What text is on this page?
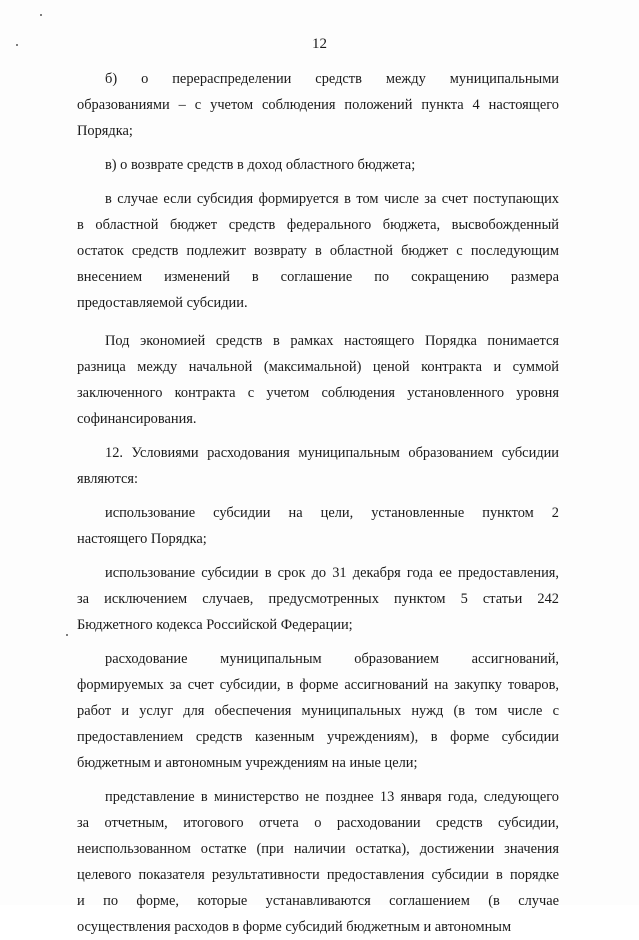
12
б) о перераспределении средств между муниципальными
образованиями – с учетом соблюдения положений пункта 4 настоящего
Порядка;
в) о возврате средств в доход областного бюджета;
в случае если субсидия формируется в том числе за счет поступающих
в областной бюджет средств федерального бюджета, высвобожденный
остаток средств подлежит возврату в областной бюджет с последующим
внесением изменений в соглашение по сокращению размера
предоставляемой субсидии.
Под экономией средств в рамках настоящего Порядка понимается
разница между начальной (максимальной) ценой контракта и суммой
заключенного контракта с учетом соблюдения установленного уровня
софинансирования.
12. Условиями расходования муниципальным образованием субсидии
являются:
использование субсидии на цели, установленные пунктом 2
настоящего Порядка;
использование субсидии в срок до 31 декабря года ее предоставления,
за исключением случаев, предусмотренных пунктом 5 статьи 242
Бюджетного кодекса Российской Федерации;
расходование муниципальным образованием ассигнований,
формируемых за счет субсидии, в форме ассигнований на закупку товаров,
работ и услуг для обеспечения муниципальных нужд (в том числе с
предоставлением средств казенным учреждениям), в форме субсидии
бюджетным и автономным учреждениям на иные цели;
представление в министерство не позднее 13 января года, следующего
за отчетным, итогового отчета о расходовании средств субсидии,
неиспользованном остатке (при наличии остатка), достижении значения
целевого показателя результативности предоставления субсидии в порядке
и по форме, которые устанавливаются соглашением (в случае
осуществления расходов в форме субсидий бюджетным и автономным
